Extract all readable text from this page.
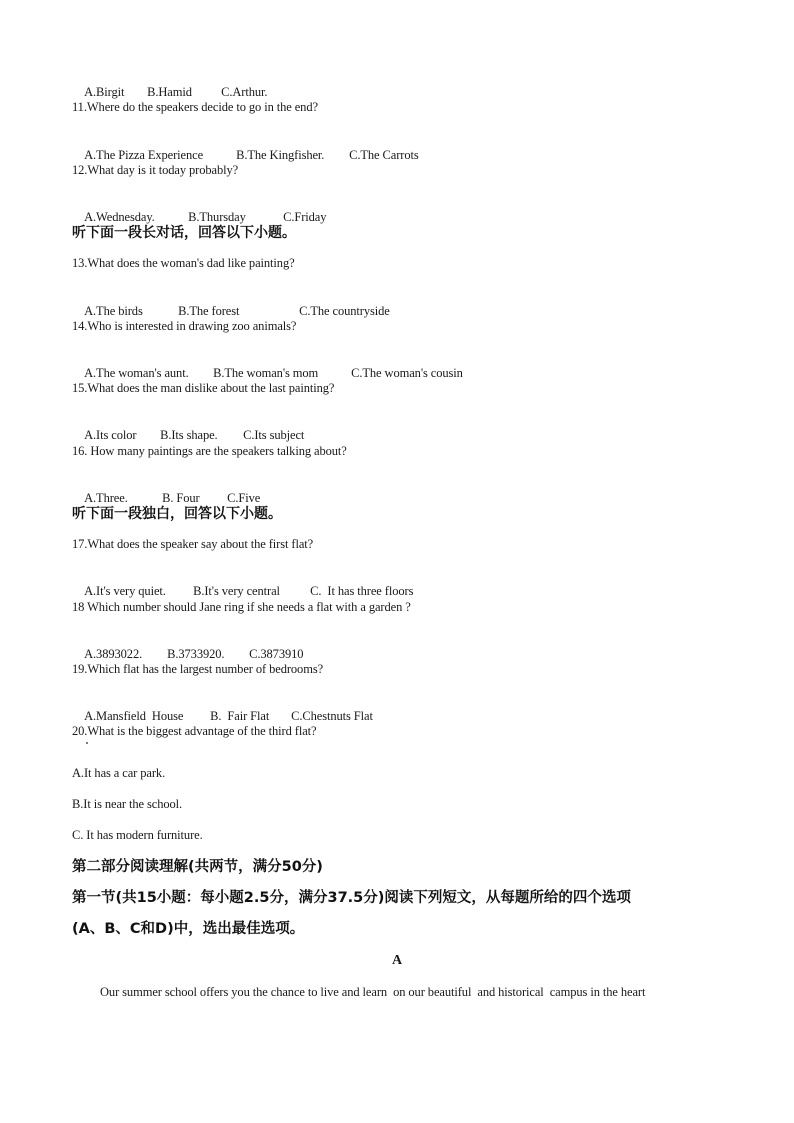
A.Birgit B.Hamid C.Arthur.

11.Where do the speakers decide to go in the end?

A.The Pizza Experience	B.The Kingfisher. C.The Carrots

12.What day is it today probably?

A.Wednesday.	B.Thursday	C.Friday

听下面一段长对话，回答以下小题。
13.What does the woman's dad like painting?

A.The birds	B.The forest	C.The countryside

14.Who is interested in drawing zoo animals?

A.The woman's aunt. B.The woman's mom	C.The woman's cousin

15.What does the man dislike about the last painting?

A.Its color B.Its shape. C.Its subject

16. How many paintings are the speakers talking about?

A.Three.	B. Four C.Five

听下面一段独白，回答以下小题。
17.What does the speaker say about the first flat?

A.It's very quiet. B.It's very central C.  It has three floors

18 Which number should Jane ring if she needs a flat with a garden ?

A.3893022. B.3733920. C.3873910

19.Which flat has the largest number of bedrooms?

A.Mansfield  House B.  Fair Flat C.Chestnuts Flat

20.What is the biggest advantage of the third flat?
A.It has a car park.
B.It is near the school.
C. It has modern furniture.
第二部分阅读理解(共两节，满分50分)
第一节(共15小题：每小题2.5分，满分37.5分)阅读下列短文，从每题所给的四个选项
(A、B、C和D)中，选出最佳选项。
A
Our summer school offers you the chance to live and learn  on our beautiful  and historical  campus in the heart
